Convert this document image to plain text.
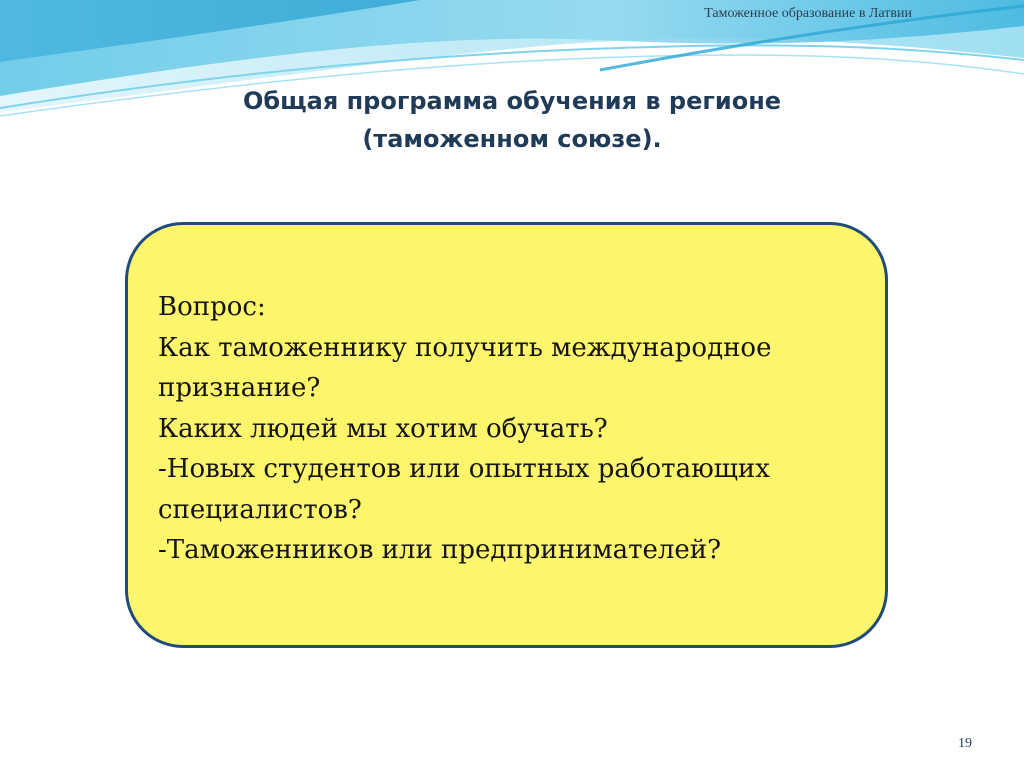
Таможенное образование в Латвии
Общая программа обучения в регионе
(таможенном союзе).
Вопрос:
Как таможеннику получить международное
признание?
Каких людей мы хотим обучать?
-Новых студентов или опытных работающих
специалистов?
-Таможенников или предпринимателей?
19
